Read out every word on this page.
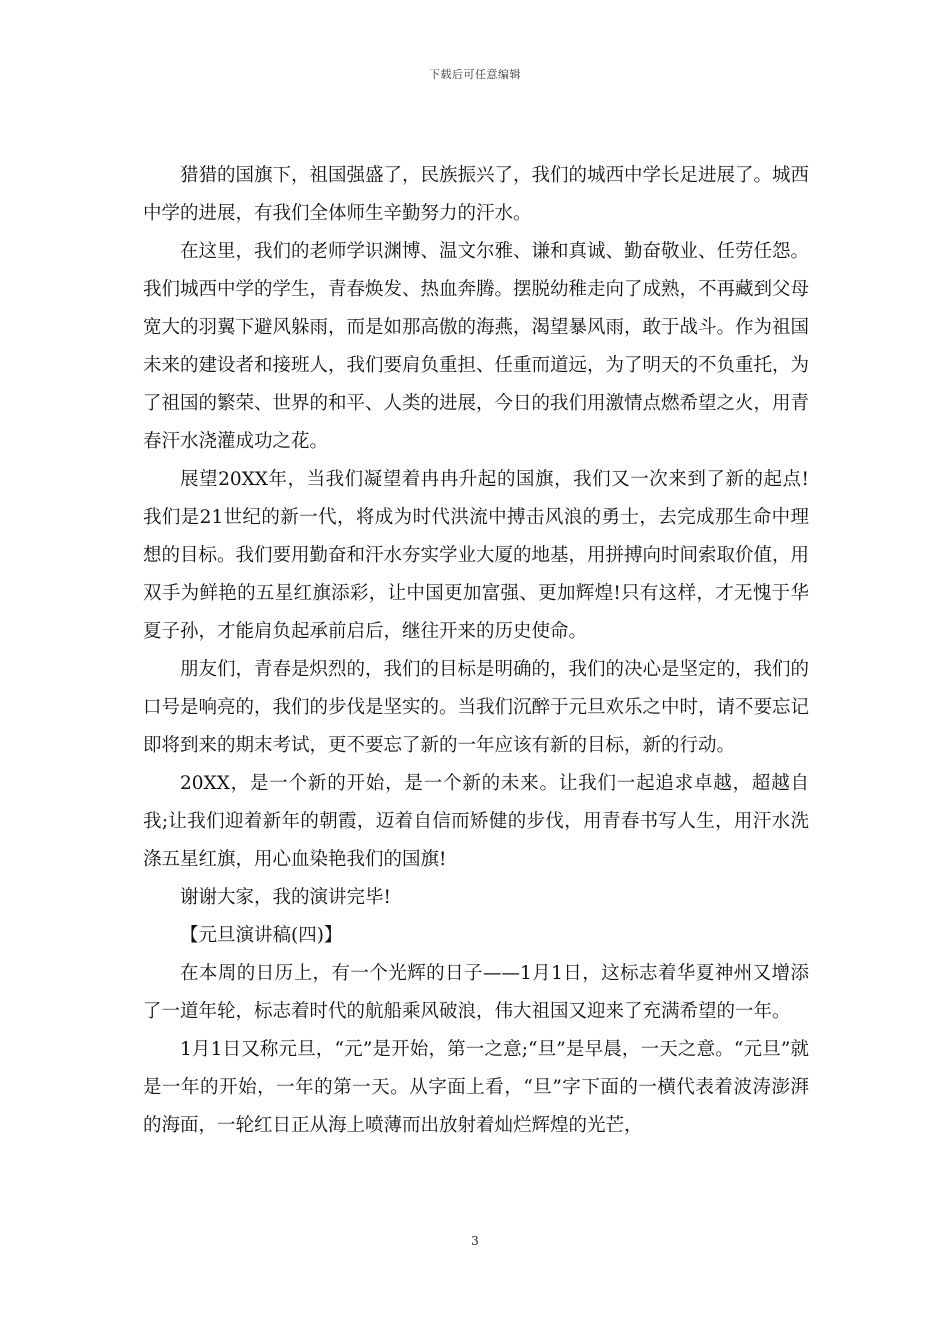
下载后可任意编辑

猎猎的国旗下，祖国强盛了，民族振兴了，我们的城西中学长足进展了。城西中学的进展，有我们全体师生辛勤努力的汗水。

在这里，我们的老师学识渊博、温文尔雅、谦和真诚、勤奋敬业、任劳任怨。我们城西中学的学生，青春焕发、热血奔腾。摆脱幼稚走向了成熟，不再藏到父母宽大的羽翼下避风躲雨，而是如那高傲的海燕，渴望暴风雨，敢于战斗。作为祖国未来的建设者和接班人，我们要肩负重担、任重而道远，为了明天的不负重托，为了祖国的繁荣、世界的和平、人类的进展，今日的我们用激情点燃希望之火，用青春汗水浇灌成功之花。

展望20XX年，当我们凝望着冉冉升起的国旗，我们又一次来到了新的起点!我们是21世纪的新一代，将成为时代洪流中搏击风浪的勇士，去完成那生命中理想的目标。我们要用勤奋和汗水夯实学业大厦的地基，用拼搏向时间索取价值，用双手为鲜艳的五星红旗添彩，让中国更加富强、更加辉煌!只有这样，才无愧于华夏子孙，才能肩负起承前启后，继往开来的历史使命。

朋友们，青春是炽烈的，我们的目标是明确的，我们的决心是坚定的，我们的口号是响亮的，我们的步伐是坚实的。当我们沉醉于元旦欢乐之中时，请不要忘记即将到来的期末考试，更不要忘了新的一年应该有新的目标，新的行动。

20XX，是一个新的开始，是一个新的未来。让我们一起追求卓越，超越自我;让我们迎着新年的朝霞，迈着自信而矫健的步伐，用青春书写人生，用汗水洗涤五星红旗，用心血染艳我们的国旗!

谢谢大家，我的演讲完毕!

【元旦演讲稿(四)】

在本周的日历上，有一个光辉的日子——1月1日，这标志着华夏神州又增添了一道年轮，标志着时代的航船乘风破浪，伟大祖国又迎来了充满希望的一年。

1月1日又称元旦，“元”是开始，第一之意;“旦”是早晨，一天之意。“元旦”就是一年的开始，一年的第一天。从字面上看，“旦”字下面的一横代表着波涛澎湃的海面，一轮红日正从海上喷薄而出放射着灿烂辉煌的光芒，

3
